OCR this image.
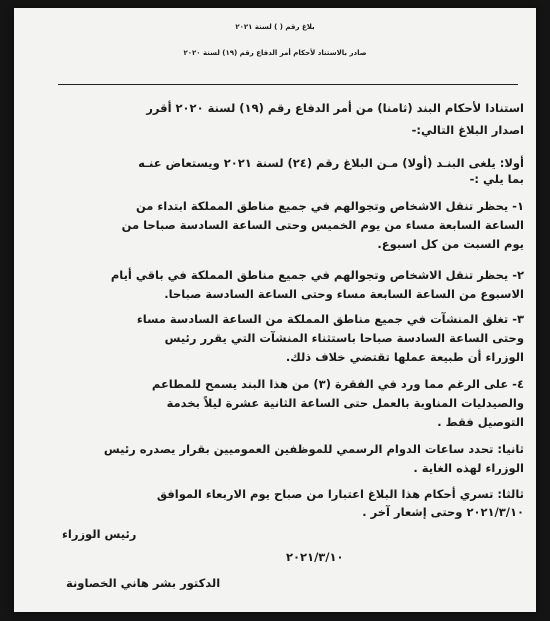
بلاغ رقم ( ) لسنة ٢٠٢١
صادر بالاستناد لأحكام أمر الدفاع رقم (١٩) لسنة ٢٠٢٠
استنادا لأحكام البند (ثامنا) من أمر الدفاع رقم (١٩) لسنة ٢٠٢٠ أقرر
اصدار البلاغ التالي:-
أولا: يلغى البنـد (أولا) مـن البلاغ رقم (٢٤) لسنة ٢٠٢١ ويستعاض عنـه
بما يلي :-
١- يحظر تنقل الاشخاص وتجوالهم في جميع مناطق المملكة ابتداء من
الساعة السابعة مساء من يوم الخميس وحتى الساعة السادسة صباحا من
يوم السبت من كل اسبوع.
٢- يحظر تنقل الاشخاص وتجوالهم في جميع مناطق المملكة في باقي أيام
الاسبوع من الساعة السابعة مساء وحتى الساعة السادسة صباحا.
٣- تغلق المنشآت في جميع مناطق المملكة من الساعة السادسة مساء
وحتى الساعة السادسة صباحا باستثناء المنشآت التي يقرر رئيس
الوزراء أن طبيعة عملها تقتضي خلاف ذلك.
٤- على الرغم مما ورد في الفقرة (٣) من هذا البند يسمح للمطاعم
والصيدليات المناوبة بالعمل حتى الساعة الثانية عشرة ليلاً بخدمة
التوصيل فقط .
ثانيا: تحدد ساعات الدوام الرسمي للموظفين العموميين بقرار يصدره رئيس
الوزراء لهذه الغاية .
ثالثا: تسري أحكام هذا البلاغ اعتبارا من صباح يوم الاربعاء الموافق
٢٠٢١/٣/١٠ وحتى إشعار آخر .
رئيس الوزراء
٢٠٢١/٣/١٠
الدكتور بشر هاني الخصاونة
